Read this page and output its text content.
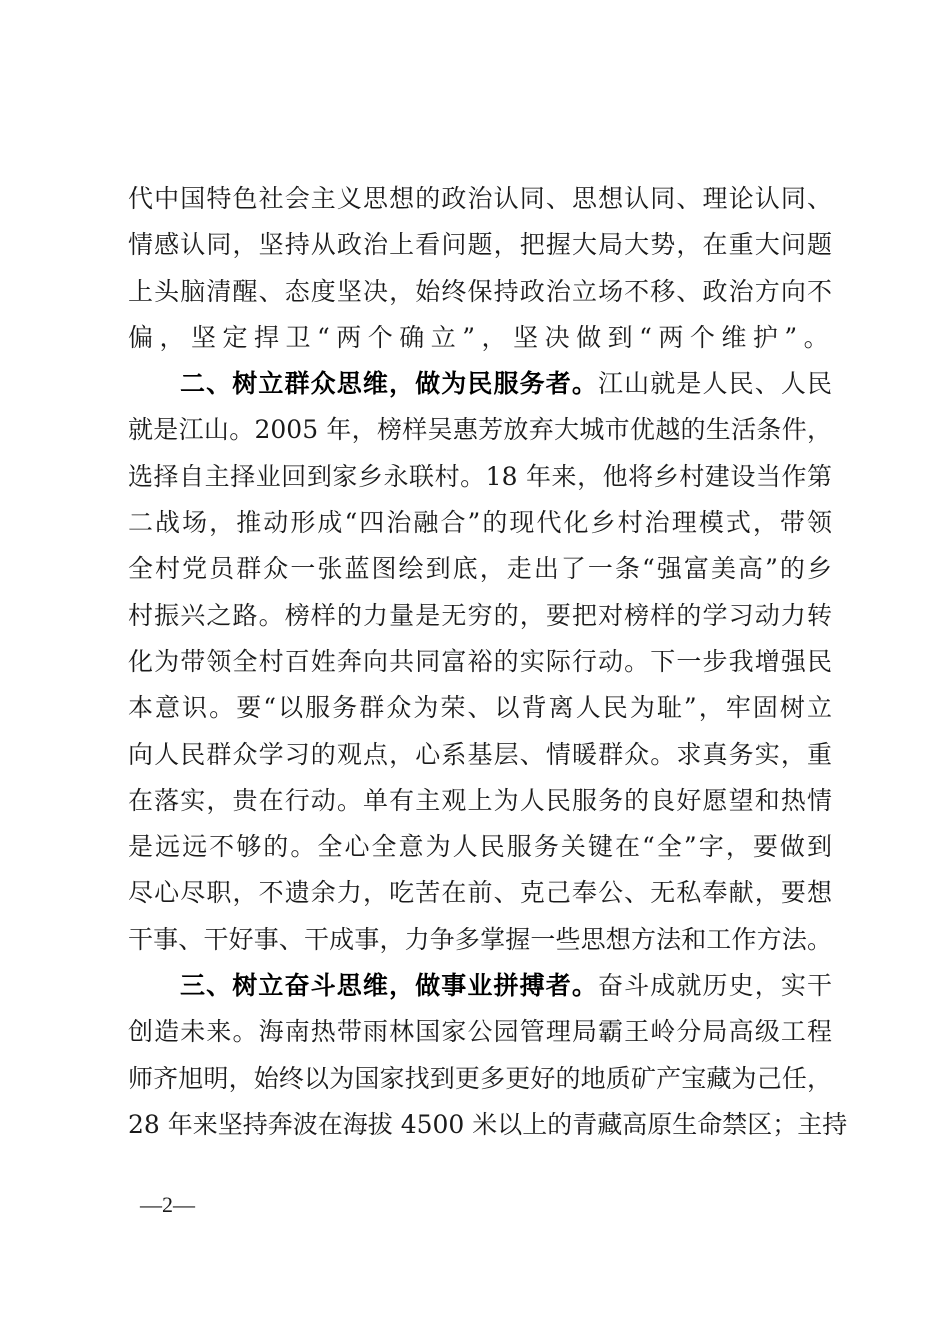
代中国特色社会主义思想的政治认同、思想认同、理论认同、
情感认同，坚持从政治上看问题，把握大局大势，在重大问题
上头脑清醒、态度坚决，始终保持政治立场不移、政治方向不
偏，坚定捍卫“两个确立”，坚决做到“两个维护”。
二、树立群众思维，做为民服务者。江山就是人民、人民
就是江山。2005 年，榜样吴惠芳放弃大城市优越的生活条件，
选择自主择业回到家乡永联村。18 年来，他将乡村建设当作第
二战场，推动形成“四治融合”的现代化乡村治理模式，带领
全村党员群众一张蓝图绘到底，走出了一条“强富美高”的乡
村振兴之路。榜样的力量是无穷的，要把对榜样的学习动力转
化为带领全村百姓奔向共同富裕的实际行动。下一步我增强民
本意识。要“以服务群众为荣、以背离人民为耻”，牢固树立
向人民群众学习的观点，心系基层、情暖群众。求真务实，重
在落实，贵在行动。单有主观上为人民服务的良好愿望和热情
是远远不够的。全心全意为人民服务关键在“全”字，要做到
尽心尽职，不遗余力，吃苦在前、克己奉公、无私奉献，要想
干事、干好事、干成事，力争多掌握一些思想方法和工作方法。
三、树立奋斗思维，做事业拼搏者。奋斗成就历史，实干
创造未来。海南热带雨林国家公园管理局霸王岭分局高级工程
师齐旭明，始终以为国家找到更多更好的地质矿产宝藏为己任，
28 年来坚持奔波在海拔 4500 米以上的青藏高原生命禁区；主持
—2—
